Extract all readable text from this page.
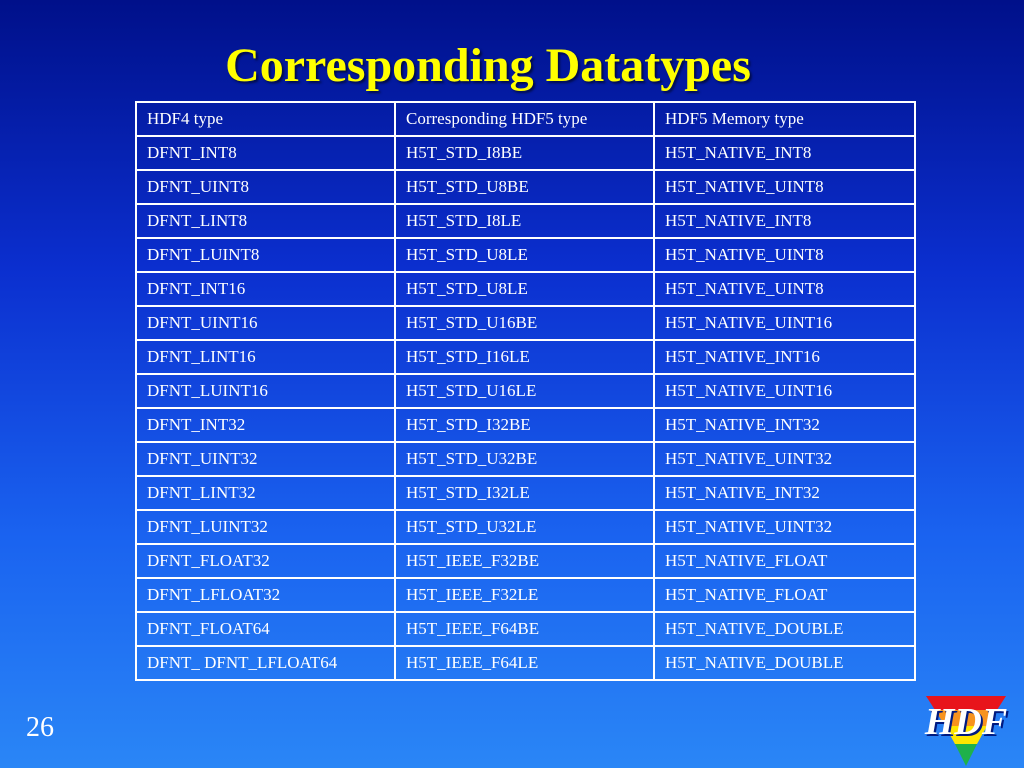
Corresponding Datatypes
HDF4 type	Corresponding HDF5 type	HDF5 Memory type
DFNT_INT8	H5T_STD_I8BE	H5T_NATIVE_INT8
DFNT_UINT8	H5T_STD_U8BE	H5T_NATIVE_UINT8
DFNT_LINT8	H5T_STD_I8LE	H5T_NATIVE_INT8
DFNT_LUINT8	H5T_STD_U8LE	H5T_NATIVE_UINT8
DFNT_INT16	H5T_STD_U8LE	H5T_NATIVE_UINT8
DFNT_UINT16	H5T_STD_U16BE	H5T_NATIVE_UINT16
DFNT_LINT16	H5T_STD_I16LE	H5T_NATIVE_INT16
DFNT_LUINT16	H5T_STD_U16LE	H5T_NATIVE_UINT16
DFNT_INT32	H5T_STD_I32BE	H5T_NATIVE_INT32
DFNT_UINT32	H5T_STD_U32BE	H5T_NATIVE_UINT32
DFNT_LINT32	H5T_STD_I32LE	H5T_NATIVE_INT32
DFNT_LUINT32	H5T_STD_U32LE	H5T_NATIVE_UINT32
DFNT_FLOAT32	H5T_IEEE_F32BE	H5T_NATIVE_FLOAT
DFNT_LFLOAT32	H5T_IEEE_F32LE	H5T_NATIVE_FLOAT
DFNT_FLOAT64	H5T_IEEE_F64BE	H5T_NATIVE_DOUBLE
DFNT_ DFNT_LFLOAT64	H5T_IEEE_F64LE	H5T_NATIVE_DOUBLE
26	HDF
